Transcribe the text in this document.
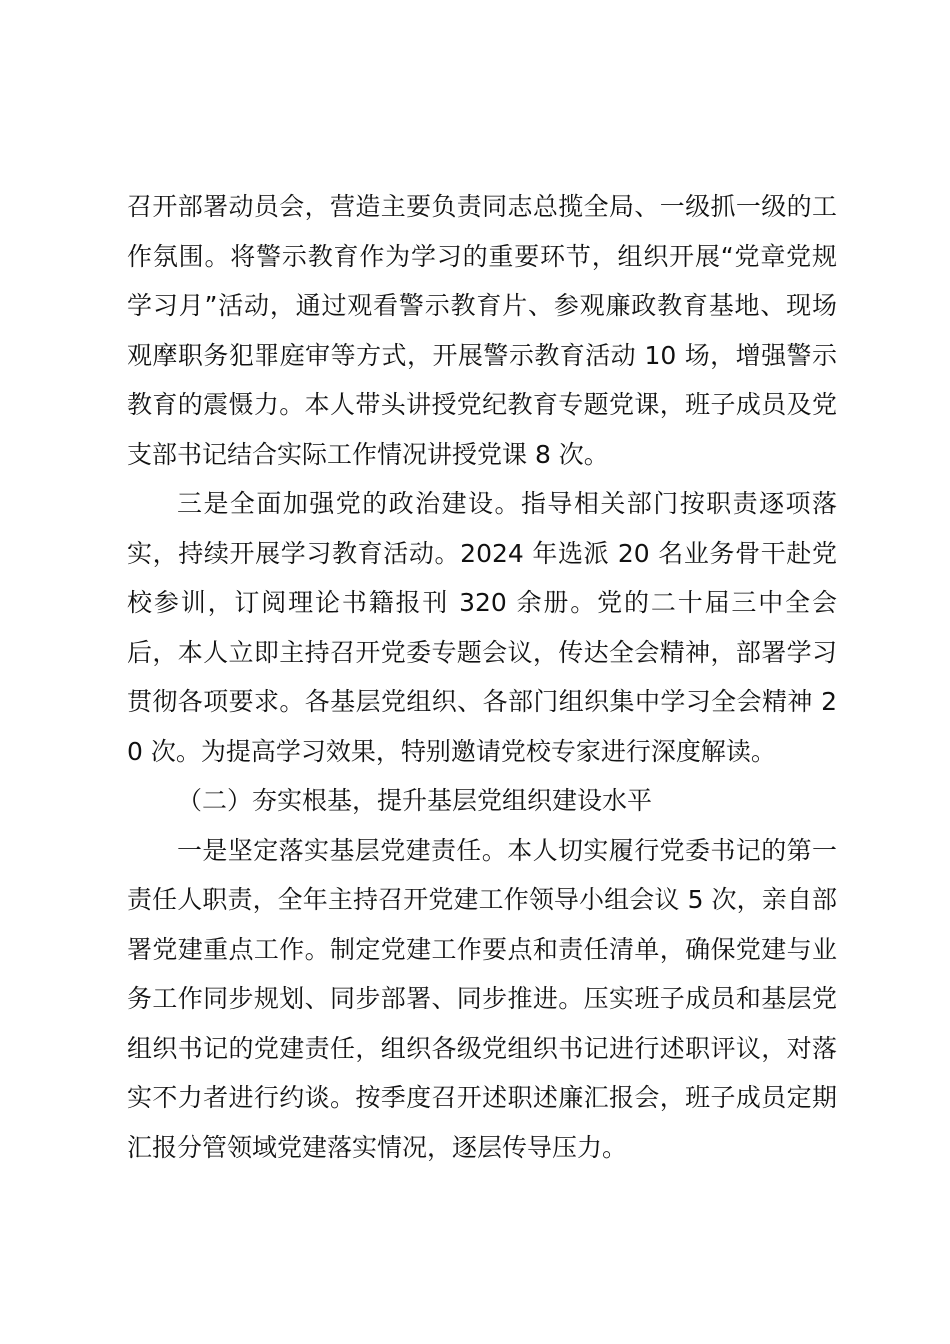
召开部署动员会，营造主要负责同志总揽全局、一级抓一级的工作氛围。将警示教育作为学习的重要环节，组织开展“党章党规学习月”活动，通过观看警示教育片、参观廉政教育基地、现场观摩职务犯罪庭审等方式，开展警示教育活动 10 场，增强警示教育的震慑力。本人带头讲授党纪教育专题党课，班子成员及党支部书记结合实际工作情况讲授党课 8 次。

三是全面加强党的政治建设。指导相关部门按职责逐项落实，持续开展学习教育活动。2024 年选派 20 名业务骨干赴党校参训，订阅理论书籍报刊 320 余册。党的二十届三中全会后，本人立即主持召开党委专题会议，传达全会精神，部署学习贯彻各项要求。各基层党组织、各部门组织集中学习全会精神 20 次。为提高学习效果，特别邀请党校专家进行深度解读。

（二）夯实根基，提升基层党组织建设水平

一是坚定落实基层党建责任。本人切实履行党委书记的第一责任人职责，全年主持召开党建工作领导小组会议 5 次，亲自部署党建重点工作。制定党建工作要点和责任清单，确保党建与业务工作同步规划、同步部署、同步推进。压实班子成员和基层党组织书记的党建责任，组织各级党组织书记进行述职评议，对落实不力者进行约谈。按季度召开述职述廉汇报会，班子成员定期汇报分管领域党建落实情况，逐层传导压力。
